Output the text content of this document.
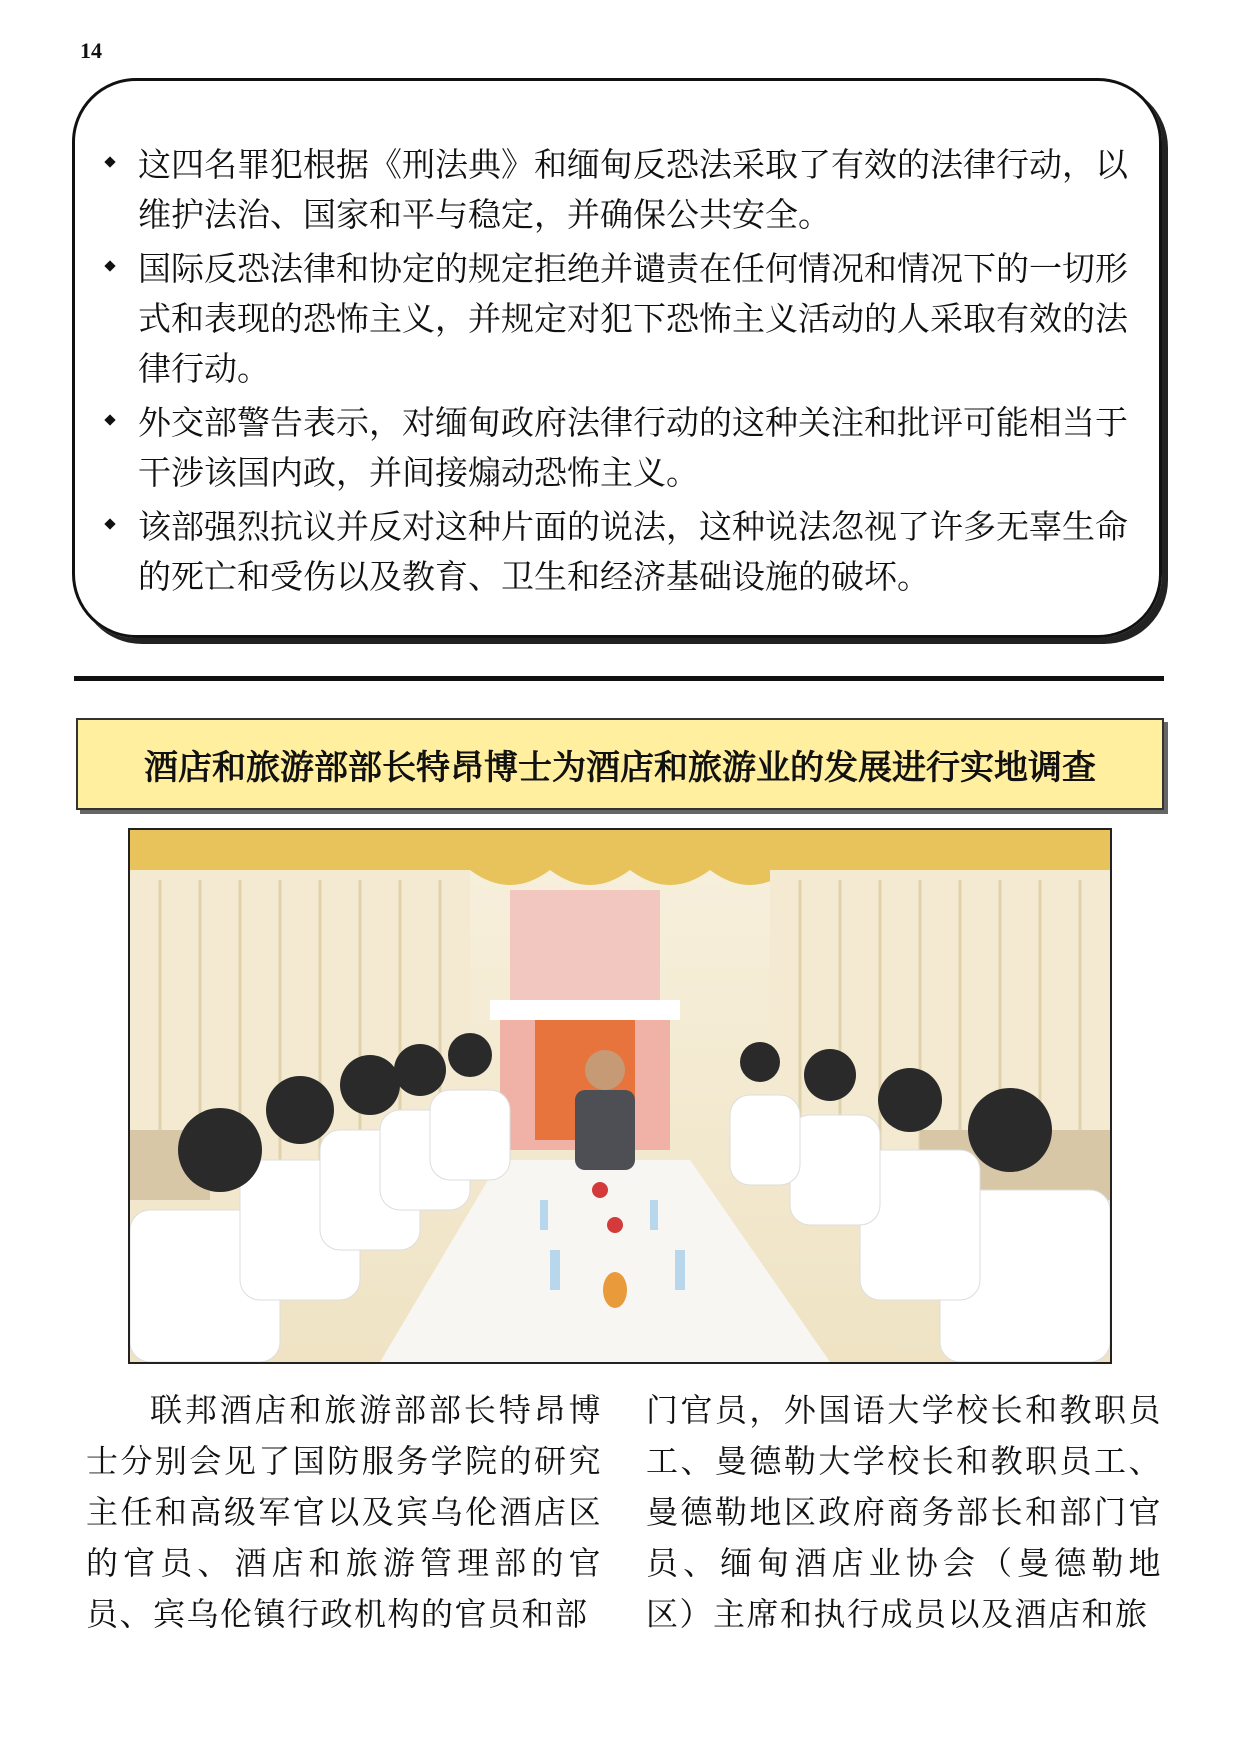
14
这四名罪犯根据《刑法典》和缅甸反恐法采取了有效的法律行动，以维护法治、国家和平与稳定，并确保公共安全。
国际反恐法律和协定的规定拒绝并谴责在任何情况和情况下的一切形式和表现的恐怖主义，并规定对犯下恐怖主义活动的人采取有效的法律行动。
外交部警告表示，对缅甸政府法律行动的这种关注和批评可能相当于干涉该国内政，并间接煽动恐怖主义。
该部强烈抗议并反对这种片面的说法，这种说法忽视了许多无辜生命的死亡和受伤以及教育、卫生和经济基础设施的破坏。
酒店和旅游部部长特昂博士为酒店和旅游业的发展进行实地调查
联邦酒店和旅游部部长特昂博士分别会见了国防服务学院的研究主任和高级军官以及宾乌伦酒店区的官员、酒店和旅游管理部的官员、宾乌伦镇行政机构的官员和部
门官员，外国语大学校长和教职员工、曼德勒大学校长和教职员工、曼德勒地区政府商务部长和部门官员、缅甸酒店业协会（曼德勒地区）主席和执行成员以及酒店和旅
